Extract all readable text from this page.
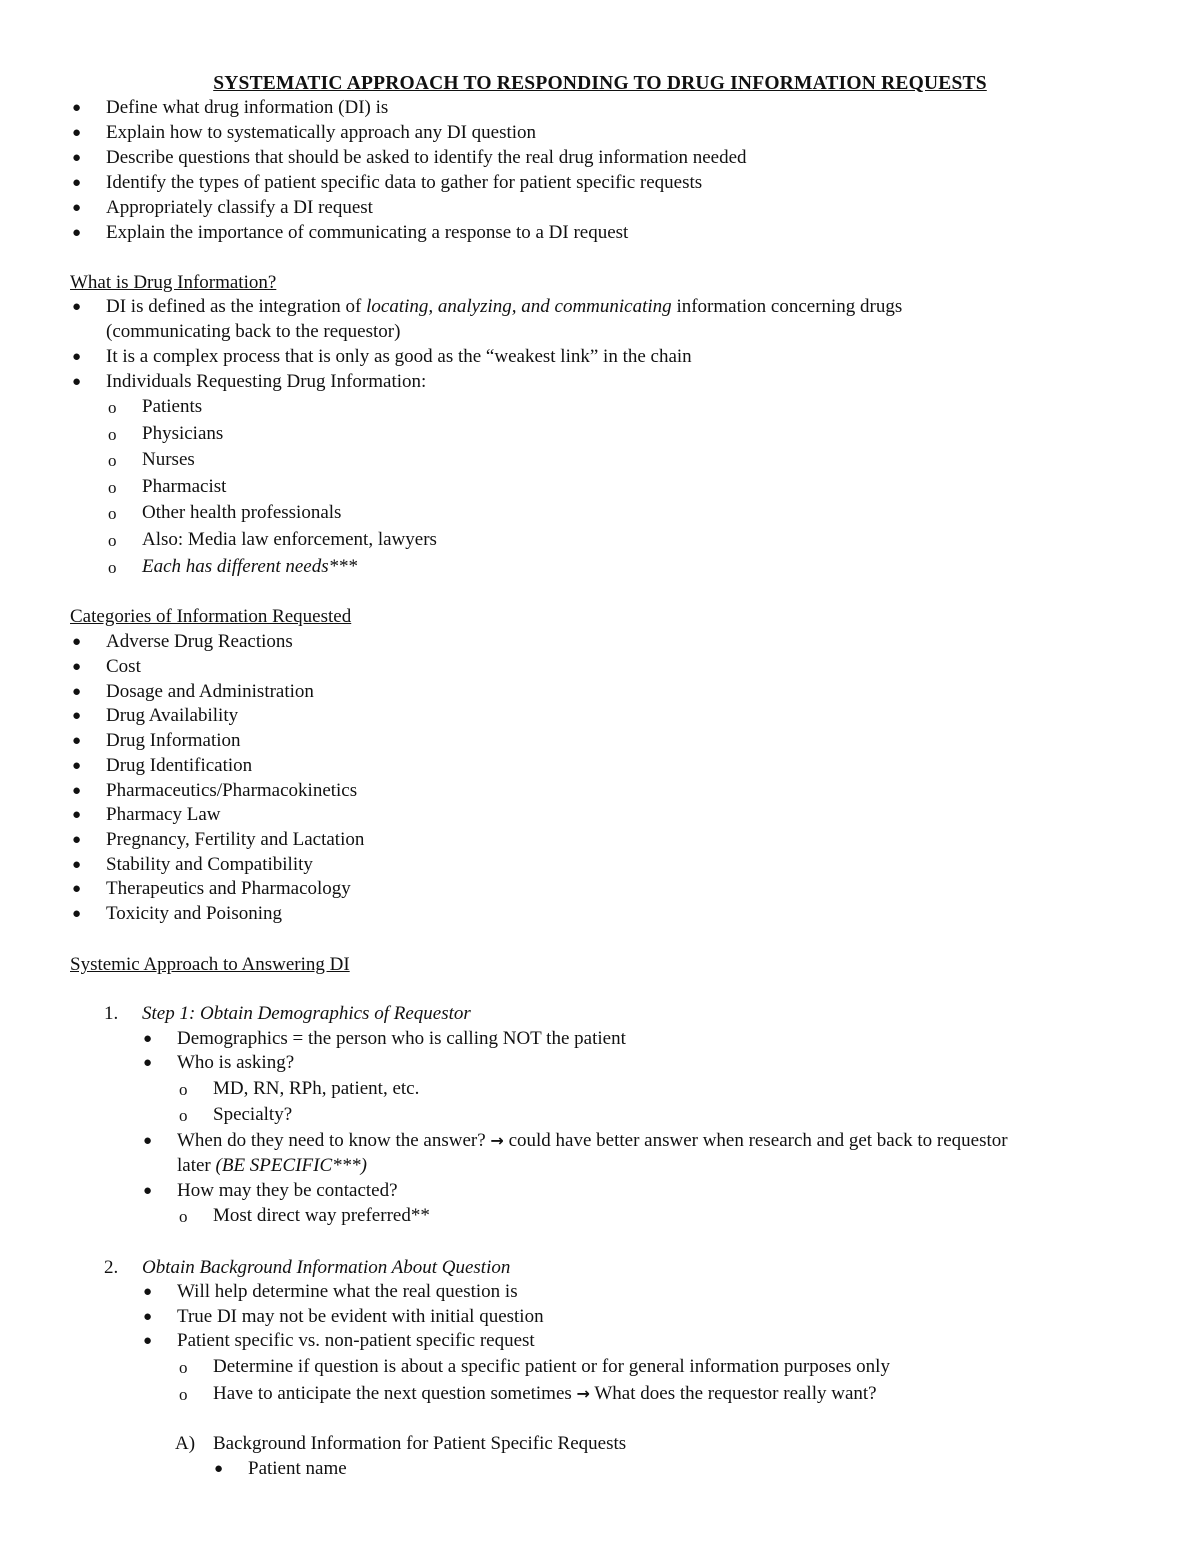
SYSTEMATIC APPROACH TO RESPONDING TO DRUG INFORMATION REQUESTS
● Define what drug information (DI) is
● Explain how to systematically approach any DI question
● Describe questions that should be asked to identify the real drug information needed
● Identify the types of patient specific data to gather for patient specific requests
● Appropriately classify a DI request
● Explain the importance of communicating a response to a DI request
What is Drug Information?
● DI is defined as the integration of locating, analyzing, and communicating information concerning drugs
(communicating back to the requestor)
● It is a complex process that is only as good as the “weakest link” in the chain
● Individuals Requesting Drug Information:
o Patients
o Physicians
o Nurses
o Pharmacist
o Other health professionals
o Also: Media law enforcement, lawyers
o Each has different needs***
Categories of Information Requested
● Adverse Drug Reactions
● Cost
● Dosage and Administration
● Drug Availability
● Drug Information
● Drug Identification
● Pharmaceutics/Pharmacokinetics
● Pharmacy Law
● Pregnancy, Fertility and Lactation
● Stability and Compatibility
● Therapeutics and Pharmacology
● Toxicity and Poisoning
Systemic Approach to Answering DI
1. Step 1: Obtain Demographics of Requestor
● Demographics = the person who is calling NOT the patient
● Who is asking?
o MD, RN, RPh, patient, etc.
o Specialty?
● When do they need to know the answer? → could have better answer when research and get back to requestor
later (BE SPECIFIC***)
● How may they be contacted?
o Most direct way preferred**
2. Obtain Background Information About Question
● Will help determine what the real question is
● True DI may not be evident with initial question
● Patient specific vs. non-patient specific request
o Determine if question is about a specific patient or for general information purposes only
o Have to anticipate the next question sometimes → What does the requestor really want?
A) Background Information for Patient Specific Requests
● Patient name
